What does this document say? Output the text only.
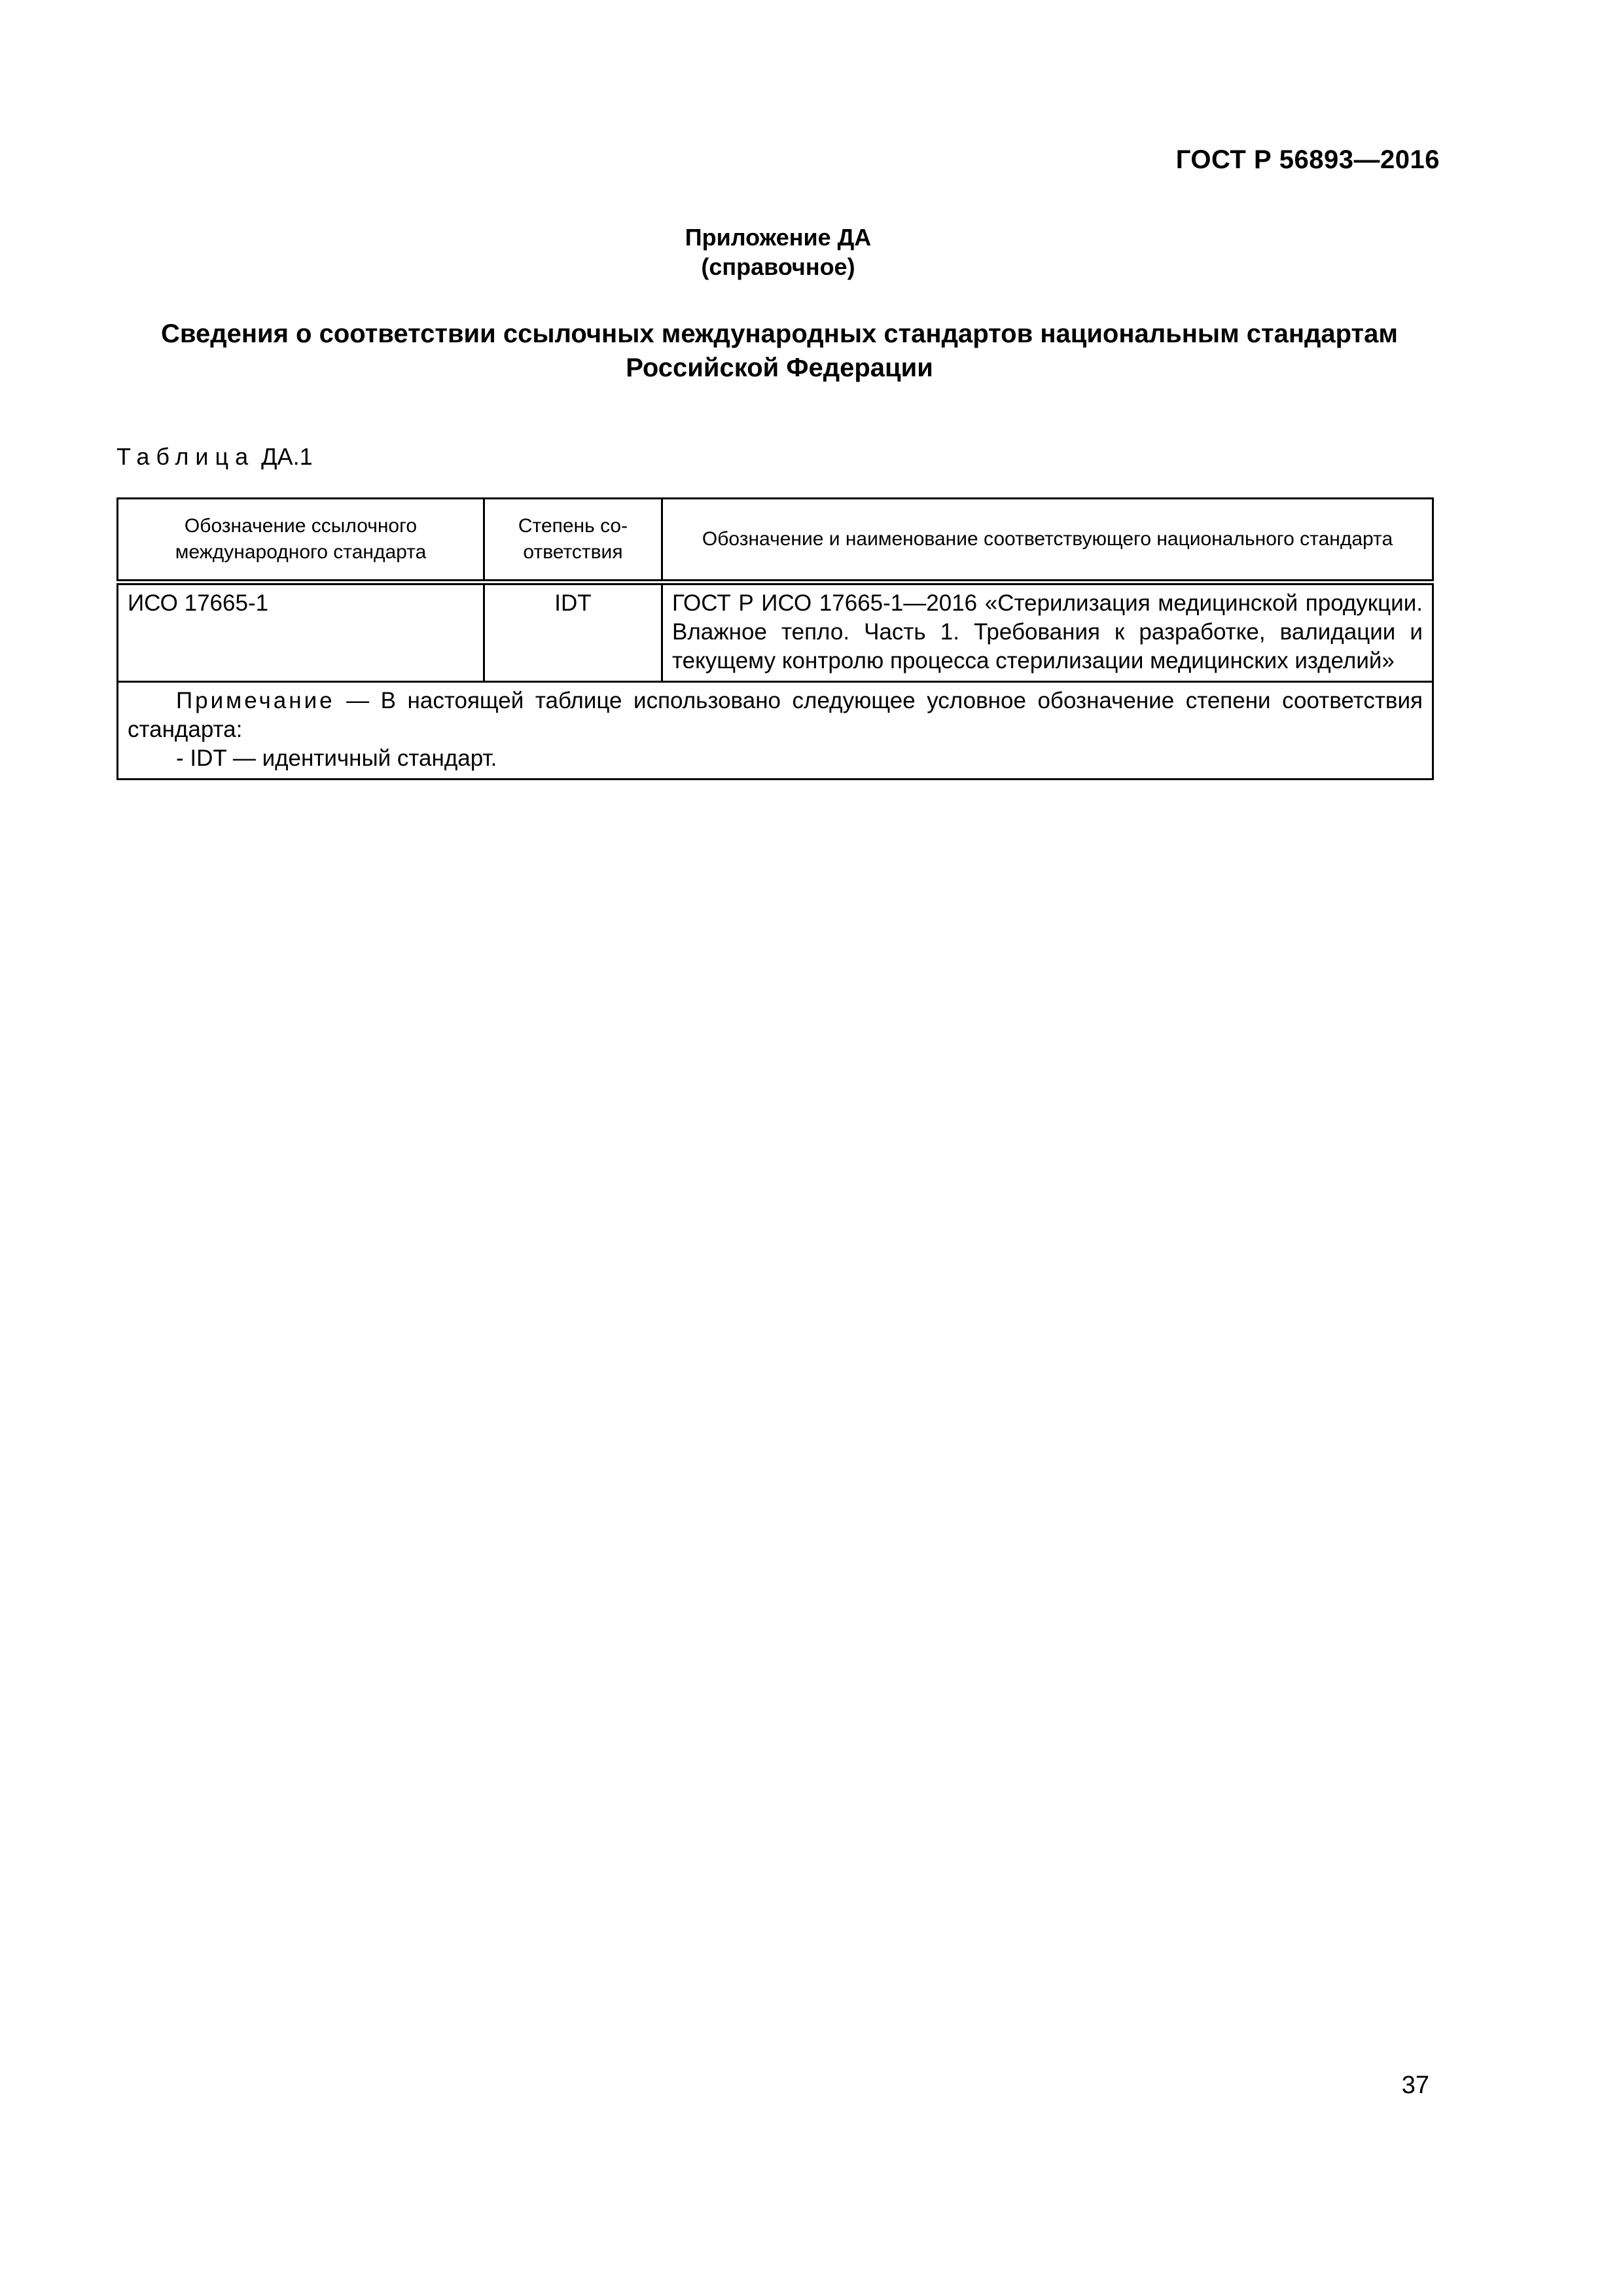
ГОСТ Р 56893—2016
Приложение ДА
(справочное)
Сведения о соответствии ссылочных международных стандартов национальным стандартам
Российской Федерации
Таблица ДА.1
Обозначение ссылочного международного стандарта	Степень соответствия	Обозначение и наименование соответствующего национального стандарта
ИСО 17665-1	IDT	ГОСТ Р ИСО 17665-1—2016 «Стерилизация медицинской продукции. Влажное тепло. Часть 1. Требования к разработке, валидации и текущему контролю процесса стерилизации медицинских изделий»

Примечание — В настоящей таблице использовано следующее условное обозначение степени соответствия стандарта:
- IDT — идентичный стандарт.		
37
